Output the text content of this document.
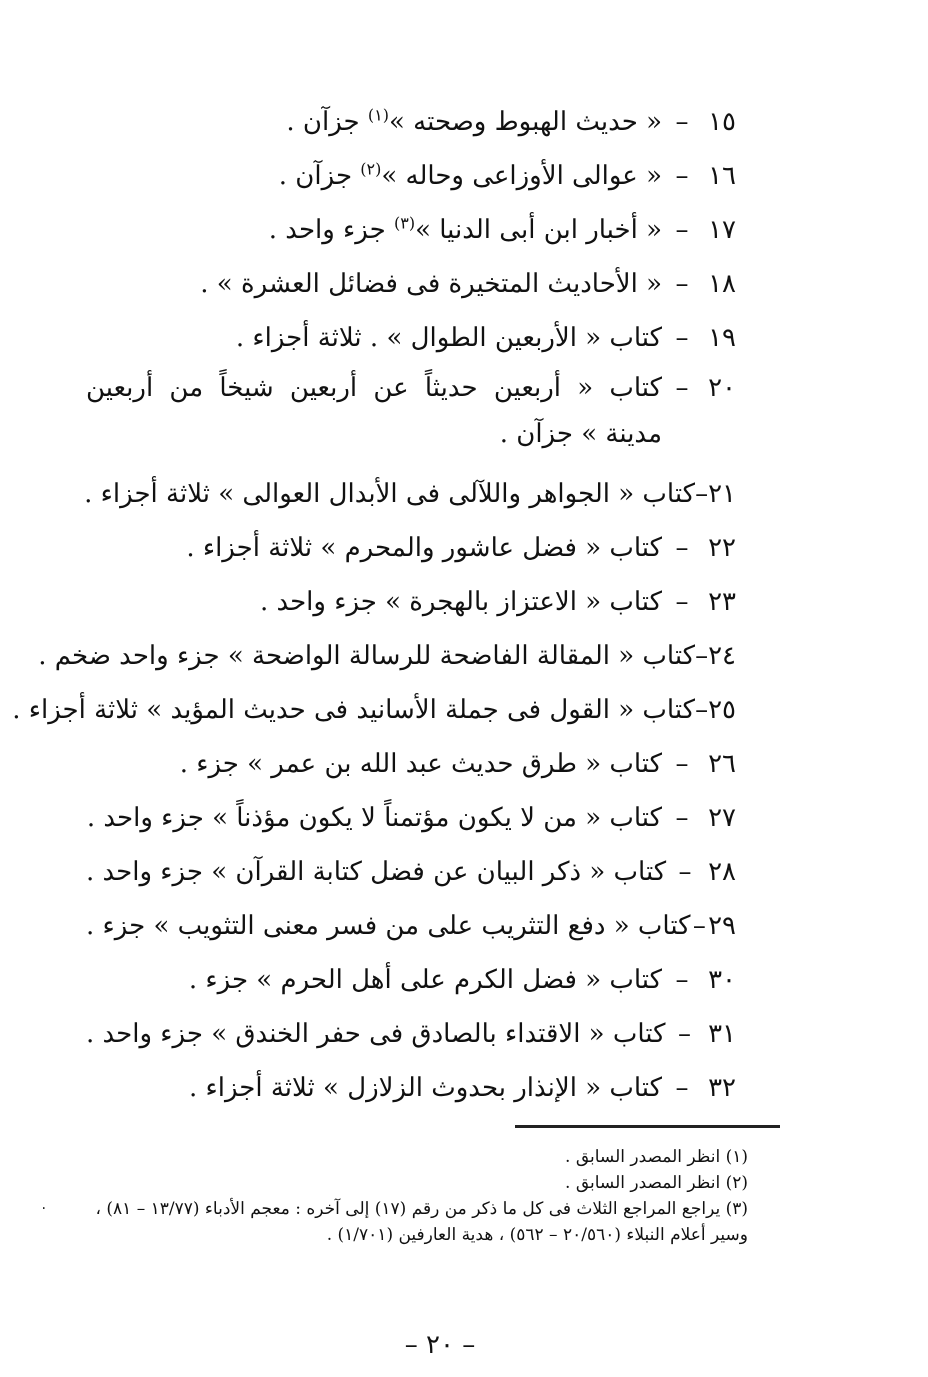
١٥
–
« حديث الهبوط وصحته »$^{(١)}$ جزآن .
١٦
–
« عوالى الأوزاعى وحاله »$^{(٢)}$ جزآن .
١٧
–
« أخبار ابن أبى الدنيا »$^{(٣)}$ جزء واحد .
١٨
–
« الأحاديث المتخيرة فى فضائل العشرة » .
١٩
–
كتاب « الأربعين الطوال » . ثلاثة أجزاء .
٢٠
–
كتاب « أربعين حديثاً عن أربعين شيخاً من أربعين مدينة » جزآن .
٢١
–
كتاب « الجواهر واللآلى فى الأبدال العوالى » ثلاثة أجزاء .
٢٢
–
كتاب « فضل عاشور والمحرم » ثلاثة أجزاء .
٢٣
–
كتاب « الاعتزاز بالهجرة » جزء واحد .
٢٤
–
كتاب « المقالة الفاضحة للرسالة الواضحة » جزء واحد ضخم .
٢٥
–
كتاب « القول فى جملة الأسانيد فى حديث المؤيد » ثلاثة أجزاء .
٢٦
–
كتاب « طرق حديث عبد الله بن عمر » جزء .
٢٧
–
كتاب « من لا يكون مؤتمناً لا يكون مؤذناً » جزء واحد .
٢٨
–
كتاب « ذكر البيان عن فضل كتابة القرآن » جزء واحد .
٢٩
–
كتاب « دفع التثريب على من فسر معنى التثويب » جزء .
٣٠
–
كتاب « فضل الكرم على أهل الحرم » جزء .
٣١
–
كتاب « الاقتداء بالصادق فى حفر الخندق » جزء واحد .
٣٢
–
كتاب « الإنذار بحدوث الزلازل » ثلاثة أجزاء .
(١) انظر المصدر السابق .
(٢) انظر المصدر السابق .
(٣) يراجع المراجع الثلاث فى كل ما ذكر من رقم (١٧) إلى آخره : معجم الأدباء (١٣/٧٧ – ٨١) ، وسير أعلام النبلاء (٢٠/٥٦٠ – ٥٦٢) ، هدية العارفين (١/٧٠١) .
٠
– ٢٠ –
